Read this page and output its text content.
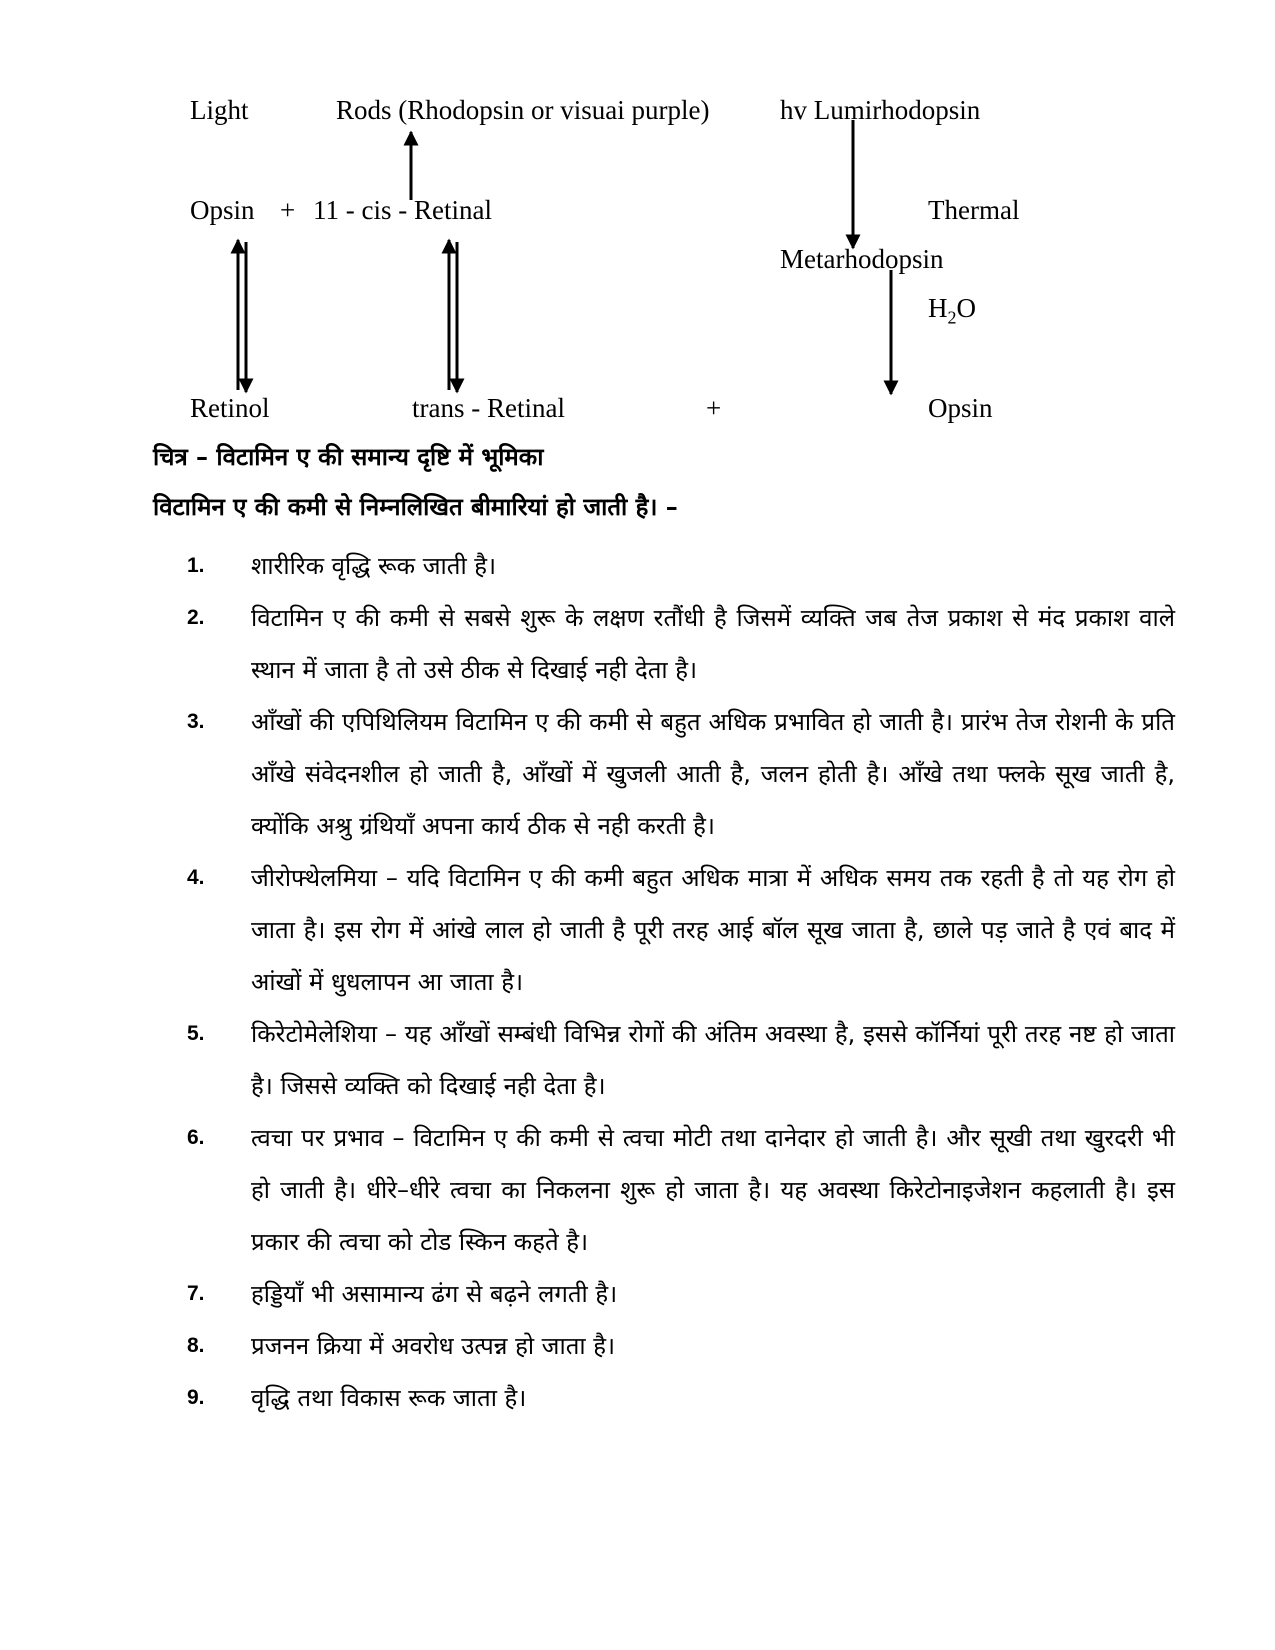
Light	Rods (Rhodopsin or visuai purple)	hv Lumirhodopsin
Opsin + 11 - cis - Retinal	Thermal
Metarhodopsin
$H_2O$
Retinol	trans - Retinal	+	Opsin
चित्र – विटामिन ए की समान्य दृष्टि में भूमिका
विटामिन ए की कमी से निम्नलिखित बीमारियां हो जाती है। –
1. शारीरिक वृद्धि रूक जाती है।
2. विटामिन ए की कमी से सबसे शुरू के लक्षण रतौंधी है जिसमें व्यक्ति जब तेज प्रकाश से मंद प्रकाश वाले स्थान में जाता है तो उसे ठीक से दिखाई नही देता है।
3. आँखों की एपिथिलियम विटामिन ए की कमी से बहुत अधिक प्रभावित हो जाती है। प्रारंभ तेज रोशनी के प्रति आँखे संवेदनशील हो जाती है, आँखों में खुजली आती है, जलन होती है। आँखे तथा फ्लके सूख जाती है, क्योंकि अश्रु ग्रंथियाँ अपना कार्य ठीक से नही करती है।
4. जीरोफ्थेलमिया – यदि विटामिन ए की कमी बहुत अधिक मात्रा में अधिक समय तक रहती है तो यह रोग हो जाता है। इस रोग में आंखे लाल हो जाती है पूरी तरह आई बॉल सूख जाता है, छाले पड़ जाते है एवं बाद में आंखों में धुधलापन आ जाता है।
5. किरेटोमेलेशिया – यह आँखों सम्बंधी विभिन्न रोगों की अंतिम अवस्था है, इससे कॉर्नियां पूरी तरह नष्ट हो जाता है। जिससे व्यक्ति को दिखाई नही देता है।
6. त्वचा पर प्रभाव – विटामिन ए की कमी से त्वचा मोटी तथा दानेदार हो जाती है। और सूखी तथा खुरदरी भी हो जाती है। धीरे–धीरे त्वचा का निकलना शुरू हो जाता है। यह अवस्था किरेटोनाइजेशन कहलाती है। इस प्रकार की त्वचा को टोड स्किन कहते है।
7. हड्डियाँ भी असामान्य ढंग से बढ़ने लगती है।
8. प्रजनन क्रिया में अवरोध उत्पन्न हो जाता है।
9. वृद्धि तथा विकास रूक जाता है।
